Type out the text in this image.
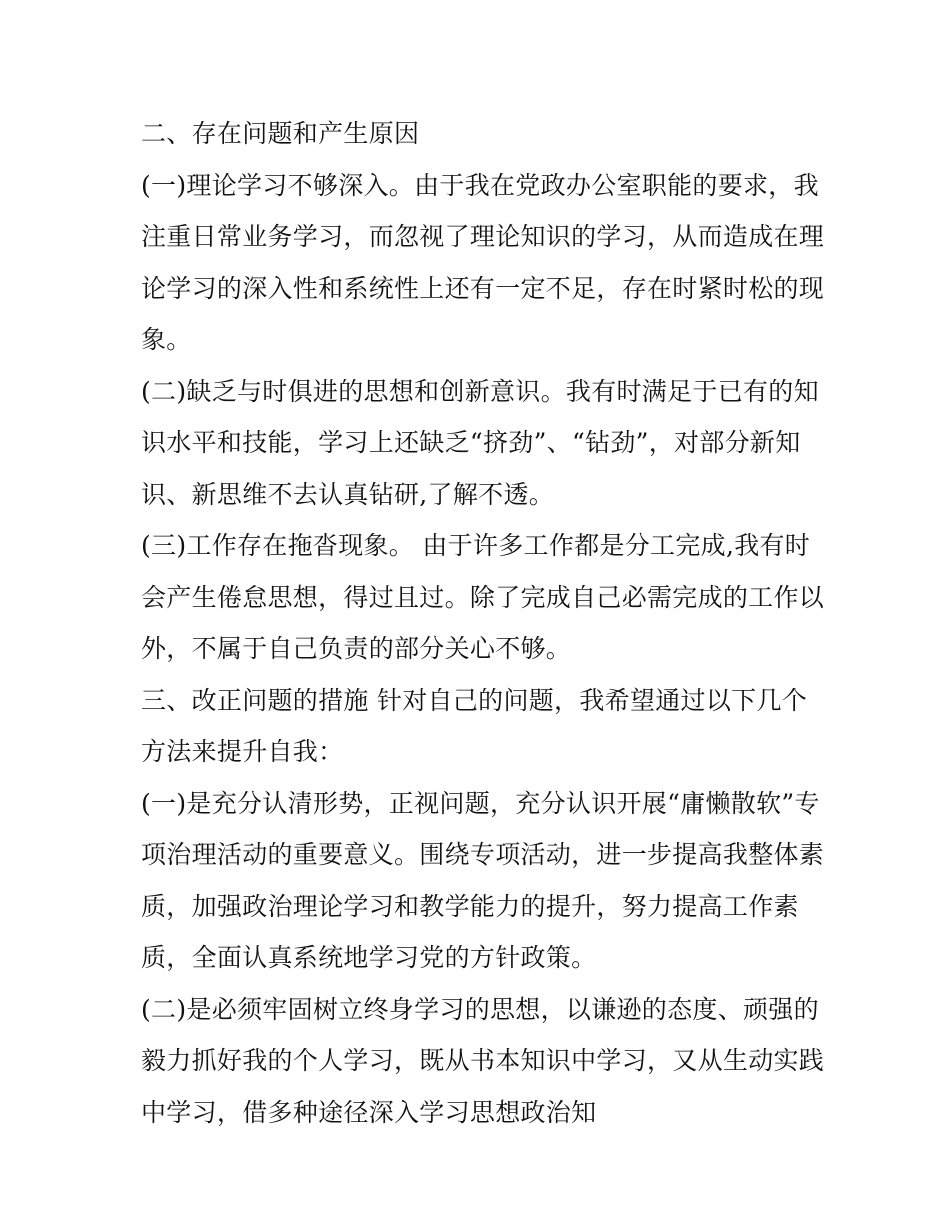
二、存在问题和产生原因
(一)理论学习不够深入。由于我在党政办公室职能的要求，我
注重日常业务学习，而忽视了理论知识的学习，从而造成在理
论学习的深入性和系统性上还有一定不足，存在时紧时松的现
象。
(二)缺乏与时俱进的思想和创新意识。我有时满足于已有的知
识水平和技能，学习上还缺乏“挤劲”、“钻劲”，对部分新知
识、新思维不去认真钻研,了解不透。
(三)工作存在拖沓现象。 由于许多工作都是分工完成,我有时
会产生倦怠思想，得过且过。除了完成自己必需完成的工作以
外，不属于自己负责的部分关心不够。
三、改正问题的措施 针对自己的问题，我希望通过以下几个
方法来提升自我：
(一)是充分认清形势，正视问题，充分认识开展“庸懒散软”专
项治理活动的重要意义。围绕专项活动，进一步提高我整体素
质，加强政治理论学习和教学能力的提升，努力提高工作素
质，全面认真系统地学习党的方针政策。
(二)是必须牢固树立终身学习的思想，以谦逊的态度、顽强的
毅力抓好我的个人学习，既从书本知识中学习，又从生动实践
中学习，借多种途径深入学习思想政治知
